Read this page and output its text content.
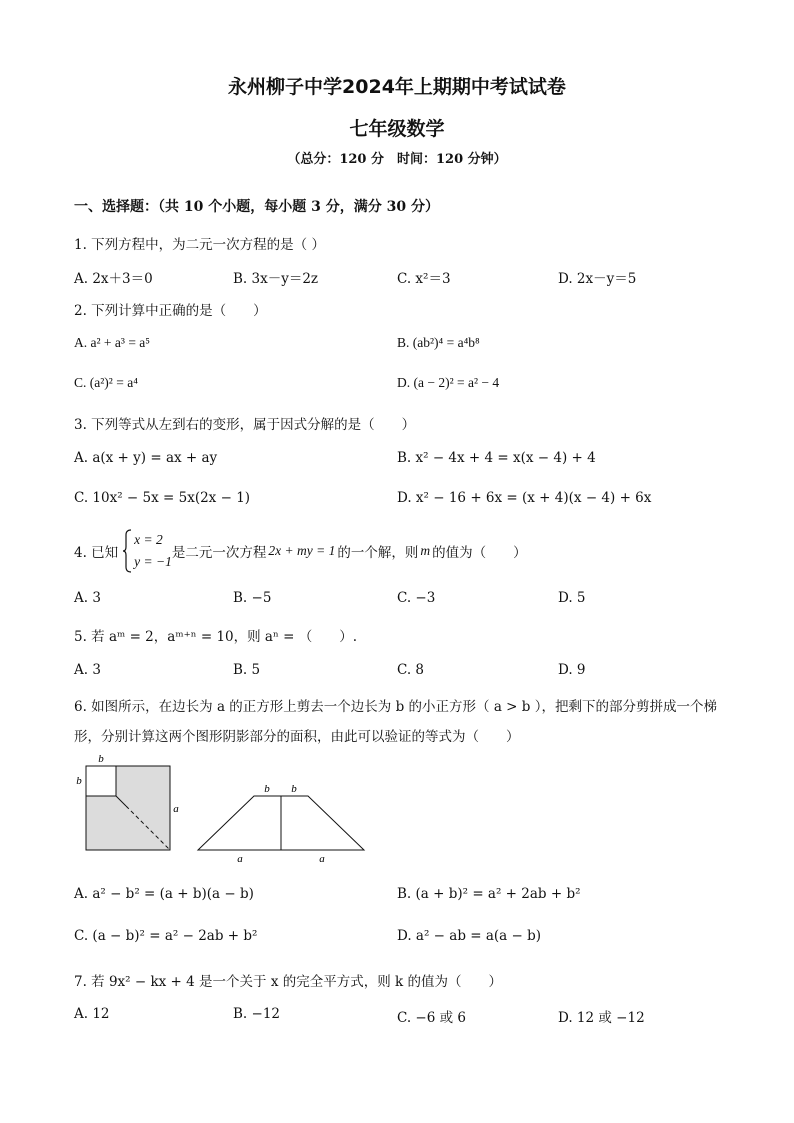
永州柳子中学2024年上期期中考试试卷
七年级数学
（总分：120 分　时间：120 分钟）
一、选择题：（共 10 个小题，每小题 3 分，满分 30 分）
1. 下列方程中，为二元一次方程的是（ ）
A. 2x＋3＝0	B. 3x－y＝2z	C. x²＝3	D. 2x－y＝5
2. 下列计算中正确的是（　　）
A. a² + a³ = a⁵	B. (ab²)⁴ = a⁴b⁸
C. (a²)² = a⁴	D. (a − 2)² = a² − 4
3. 下列等式从左到右的变形，属于因式分解的是（　　）
A. a(x + y) = ax + ay	B. x² − 4x + 4 = x(x − 4) + 4
C. 10x² − 5x = 5x(2x − 1)	D. x² − 16 + 6x = (x + 4)(x − 4) + 6x
4. 已知
x = 2
y = −1
是二元一次方程 2x + my = 1 的一个解，则 m 的值为（　　）
A. 3	B. −5	C. −3	D. 5
5. 若 aᵐ = 2，aᵐ⁺ⁿ = 10，则 aⁿ = （　　）.
A. 3	B. 5	C. 8	D. 9
6. 如图所示，在边长为 a 的正方形上剪去一个边长为 b 的小正方形（ a > b ），把剩下的部分剪拼成一个梯
形，分别计算这两个图形阴影部分的面积，由此可以验证的等式为（　　）
b
b
a
b b
a	a
A. a² − b² = (a + b)(a − b)	B. (a + b)² = a² + 2ab + b²
C. (a − b)² = a² − 2ab + b²	D. a² − ab = a(a − b)
7. 若 9x² − kx + 4 是一个关于 x 的完全平方式，则 k 的值为（　　）
A. 12	B. −12	C. −6 或 6	D. 12 或 −12
